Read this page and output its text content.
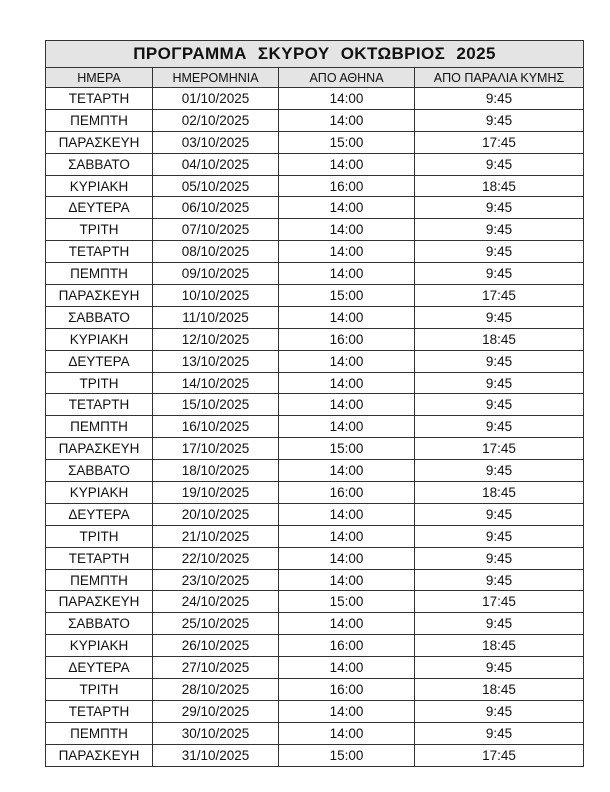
ΠΡΟΓΡΑΜΜΑ ΣΚΥΡΟΥ ΟΚΤΩΒΡΙΟΣ 2025			
ΗΜΕΡΑ	ΗΜΕΡΟΜΗΝΙΑ	ΑΠΟ ΑΘΗΝΑ	ΑΠΟ ΠΑΡΑΛΙΑ ΚΥΜΗΣ
ΤΕΤΑΡΤΗ	01/10/2025	14:00	9:45
ΠΕΜΠΤΗ	02/10/2025	14:00	9:45
ΠΑΡΑΣΚΕΥΗ	03/10/2025	15:00	17:45
ΣΑΒΒΑΤΟ	04/10/2025	14:00	9:45
ΚΥΡΙΑΚΗ	05/10/2025	16:00	18:45
ΔΕΥΤΕΡΑ	06/10/2025	14:00	9:45
ΤΡΙΤΗ	07/10/2025	14:00	9:45
ΤΕΤΑΡΤΗ	08/10/2025	14:00	9:45
ΠΕΜΠΤΗ	09/10/2025	14:00	9:45
ΠΑΡΑΣΚΕΥΗ	10/10/2025	15:00	17:45
ΣΑΒΒΑΤΟ	11/10/2025	14:00	9:45
ΚΥΡΙΑΚΗ	12/10/2025	16:00	18:45
ΔΕΥΤΕΡΑ	13/10/2025	14:00	9:45
ΤΡΙΤΗ	14/10/2025	14:00	9:45
ΤΕΤΑΡΤΗ	15/10/2025	14:00	9:45
ΠΕΜΠΤΗ	16/10/2025	14:00	9:45
ΠΑΡΑΣΚΕΥΗ	17/10/2025	15:00	17:45
ΣΑΒΒΑΤΟ	18/10/2025	14:00	9:45
ΚΥΡΙΑΚΗ	19/10/2025	16:00	18:45
ΔΕΥΤΕΡΑ	20/10/2025	14:00	9:45
ΤΡΙΤΗ	21/10/2025	14:00	9:45
ΤΕΤΑΡΤΗ	22/10/2025	14:00	9:45
ΠΕΜΠΤΗ	23/10/2025	14:00	9:45
ΠΑΡΑΣΚΕΥΗ	24/10/2025	15:00	17:45
ΣΑΒΒΑΤΟ	25/10/2025	14:00	9:45
ΚΥΡΙΑΚΗ	26/10/2025	16:00	18:45
ΔΕΥΤΕΡΑ	27/10/2025	14:00	9:45
ΤΡΙΤΗ	28/10/2025	16:00	18:45
ΤΕΤΑΡΤΗ	29/10/2025	14:00	9:45
ΠΕΜΠΤΗ	30/10/2025	14:00	9:45
ΠΑΡΑΣΚΕΥΗ	31/10/2025	15:00	17:45
